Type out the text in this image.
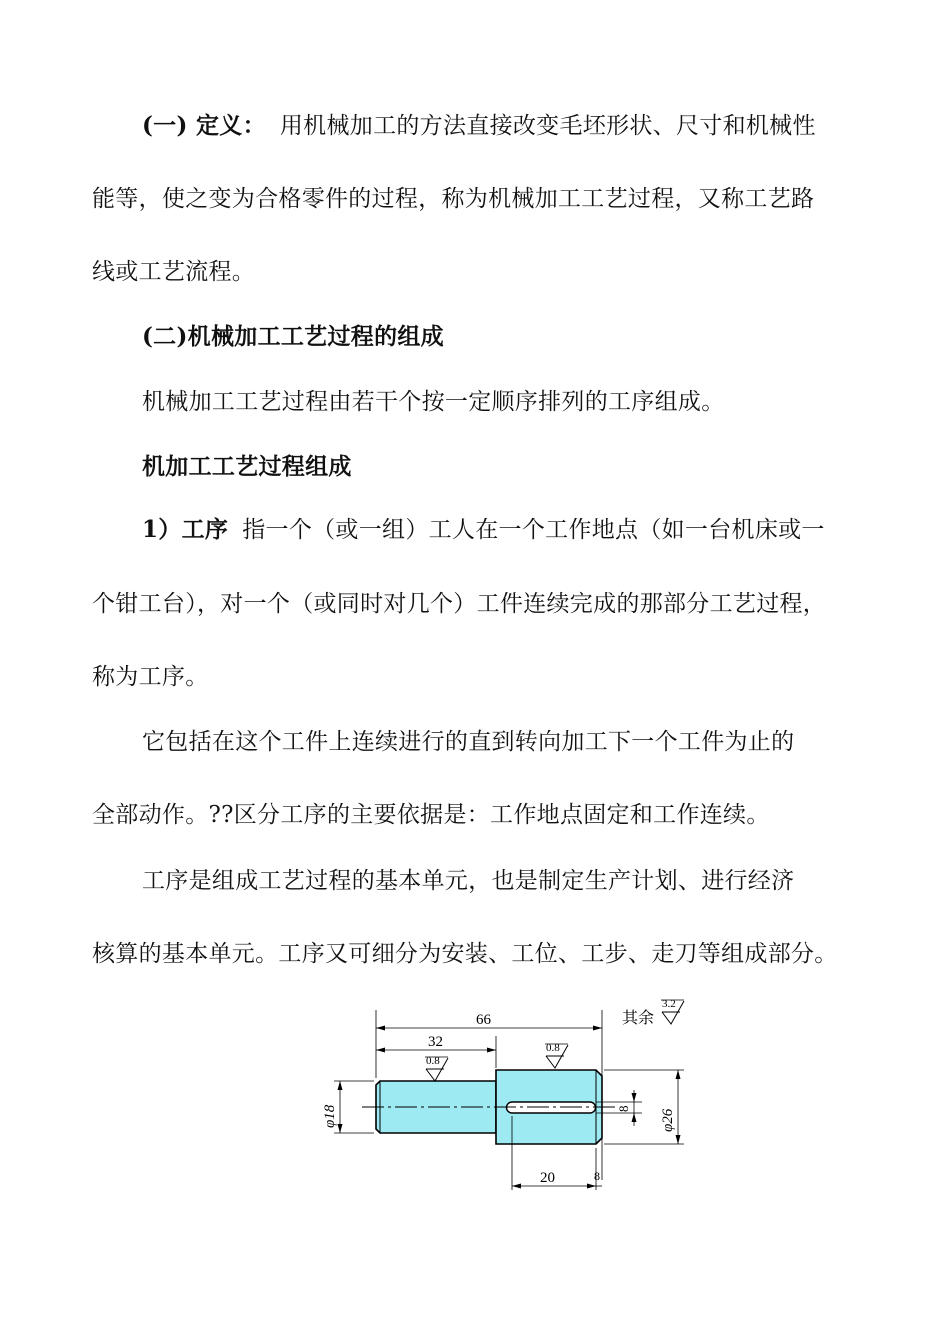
(一) 定义： 用机械加工的方法直接改变毛坯形状、尺寸和机械性
能等，使之变为合格零件的过程，称为机械加工工艺过程，又称工艺路
线或工艺流程。
(二)机械加工工艺过程的组成
机械加工工艺过程由若干个按一定顺序排列的工序组成。
机加工工艺过程组成
1）工序 指一个（或一组）工人在一个工作地点（如一台机床或一
个钳工台），对一个（或同时对几个）工件连续完成的那部分工艺过程，
称为工序。
它包括在这个工件上连续进行的直到转向加工下一个工件为止的
全部动作。??区分工序的主要依据是：工作地点固定和工作连续。
工序是组成工艺过程的基本单元，也是制定生产计划、进行经济
核算的基本单元。工序又可细分为安装、工位、工步、走刀等组成部分。
66
32
20	8
8
φ18	φ26
0.8
0.8
3.2
其余
